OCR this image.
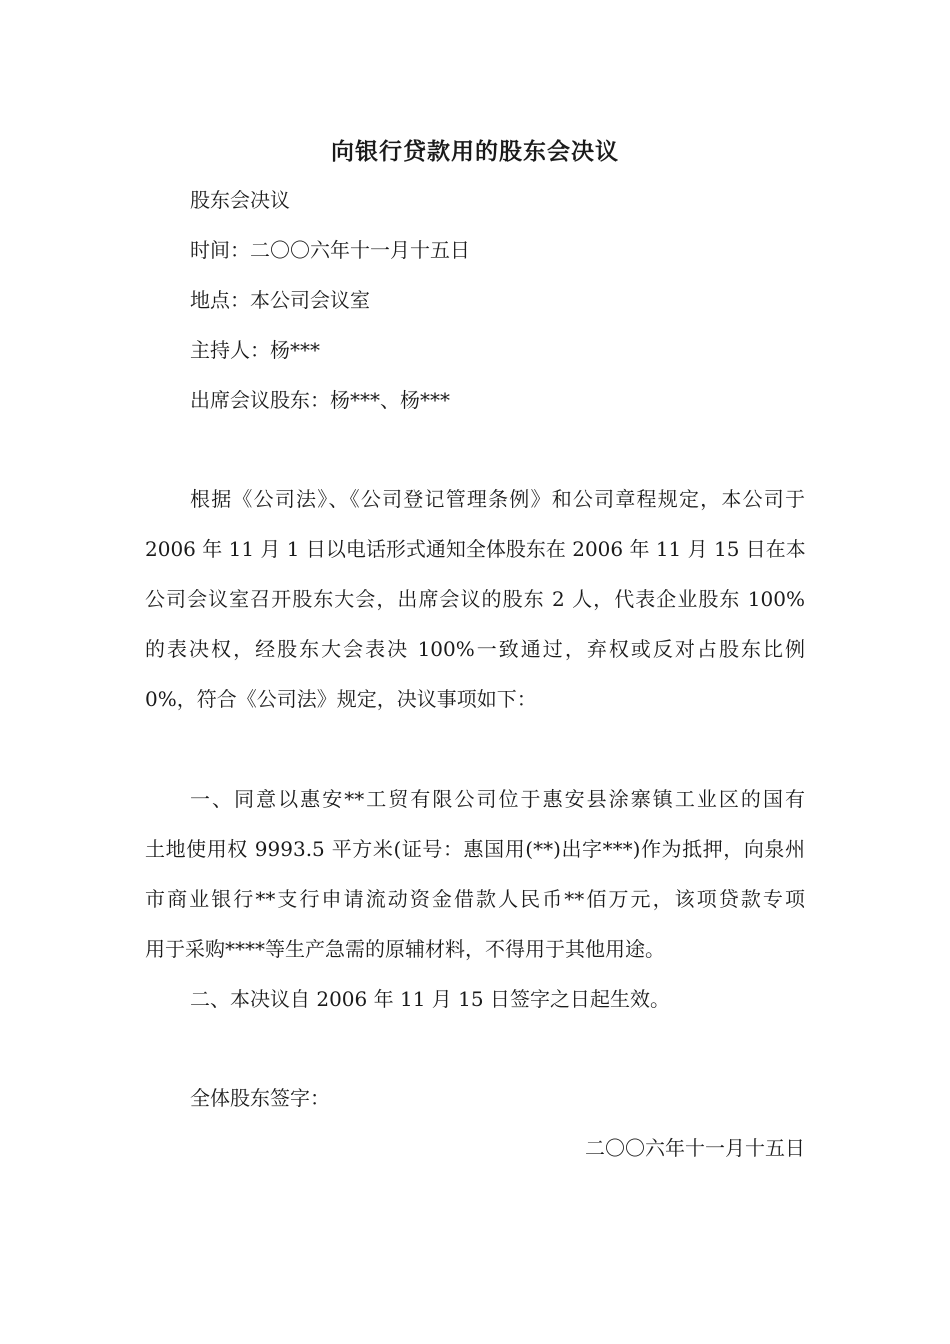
向银行贷款用的股东会决议
股东会决议
时间：二〇〇六年十一月十五日
地点：本公司会议室
主持人：杨***
出席会议股东：杨***、杨***
根据《公司法》、《公司登记管理条例》和公司章程规定，本公司于
2006 年 11 月 1 日以电话形式通知全体股东在 2006 年 11 月 15 日在本
公司会议室召开股东大会，出席会议的股东 2 人，代表企业股东 100%
的表决权，经股东大会表决 100%一致通过，弃权或反对占股东比例
0%，符合《公司法》规定，决议事项如下：
一、同意以惠安**工贸有限公司位于惠安县涂寨镇工业区的国有
土地使用权 9993.5 平方米(证号：惠国用(**)出字***)作为抵押，向泉州
市商业银行**支行申请流动资金借款人民币**佰万元，该项贷款专项
用于采购****等生产急需的原辅材料，不得用于其他用途。
二、本决议自 2006 年 11 月 15 日签字之日起生效。
全体股东签字：
二〇〇六年十一月十五日
